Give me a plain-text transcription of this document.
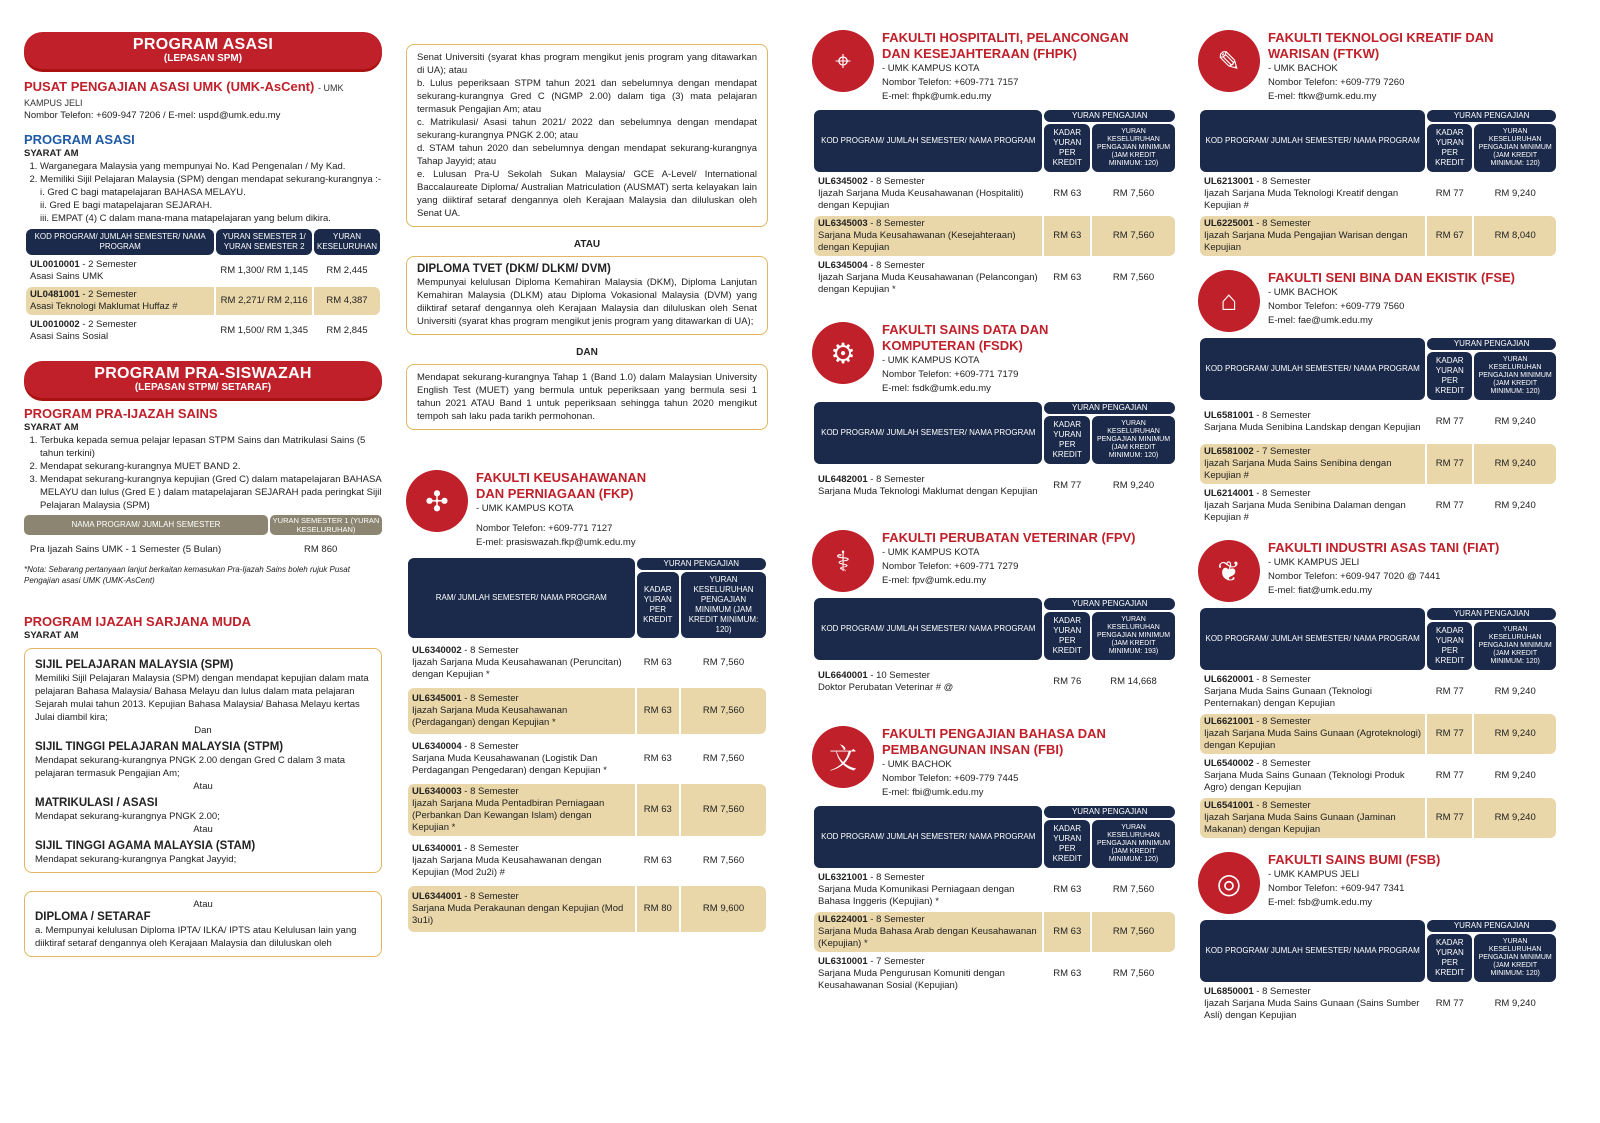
PROGRAM ASASI
(LEPASAN SPM)
PUSAT PENGAJIAN ASASI UMK (UMK-AsCent) - UMK KAMPUS JELI
Nombor Telefon: +609-947 7206 / E-mel: uspd@umk.edu.my
PROGRAM ASASI
SYARAT AM
1. Warganegara Malaysia yang mempunyai No. Kad Pengenalan / My Kad.
2. Memiliki Sijil Pelajaran Malaysia (SPM) dengan mendapat sekurang-kurangnya :-
i. Gred C bagi matapelajaran BAHASA MELAYU.
ii. Gred E bagi matapelajaran SEJARAH.
iii. EMPAT (4) C dalam mana-mana matapelajaran yang belum dikira.
KOD PROGRAM/ JUMLAH SEMESTER/ NAMA PROGRAM	YURAN SEMESTER 1/ YURAN SEMESTER 2	YURAN KESELURUHAN
UL0010001 - 2 Semester
Asasi Sains UMK	RM 1,300/ RM 1,145	RM 2,445
UL0481001 - 2 Semester
Asasi Teknologi Maklumat Huffaz #	RM 2,271/ RM 2,116	RM 4,387
UL0010002 - 2 Semester
Asasi Sains Sosial	RM 1,500/ RM 1,345	RM 2,845
PROGRAM PRA-SISWAZAH
(LEPASAN STPM/ SETARAF)
PROGRAM PRA-IJAZAH SAINS
SYARAT AM
1. Terbuka kepada semua pelajar lepasan STPM Sains dan Matrikulasi Sains (5 tahun terkini)
2. Mendapat sekurang-kurangnya MUET BAND 2.
3. Mendapat sekurang-kurangnya kepujian (Gred C) dalam matapelajaran BAHASA MELAYU dan lulus (Gred E ) dalam matapelajaran SEJARAH pada peringkat Sijil Pelajaran Malaysia (SPM)
NAMA PROGRAM/ JUMLAH SEMESTER	YURAN SEMESTER 1 (YURAN KESELURUHAN)
Pra Ijazah Sains UMK - 1 Semester (5 Bulan)	RM 860
*Nota: Sebarang pertanyaan lanjut berkaitan kemasukan Pra-Ijazah Sains boleh rujuk Pusat Pengajian asasi UMK (UMK-AsCent)
PROGRAM IJAZAH SARJANA MUDA
SYARAT AM
SIJIL PELAJARAN MALAYSIA (SPM)
Memiliki Sijil Pelajaran Malaysia (SPM) dengan mendapat kepujian dalam mata pelajaran Bahasa Malaysia/ Bahasa Melayu dan lulus dalam mata pelajaran Sejarah mulai tahun 2013. Kepujian Bahasa Malaysia/ Bahasa Melayu kertas Julai diambil kira;
Dan
SIJIL TINGGI PELAJARAN MALAYSIA (STPM)
Mendapat sekurang-kurangnya PNGK 2.00 dengan Gred C dalam 3 mata pelajaran termasuk Pengajian Am;
Atau
MATRIKULASI / ASASI
Mendapat sekurang-kurangnya PNGK 2.00;
Atau
SIJIL TINGGI AGAMA MALAYSIA (STAM)
Mendapat sekurang-kurangnya Pangkat Jayyid;
Atau
DIPLOMA / SETARAF
a. Mempunyai kelulusan Diploma IPTA/ ILKA/ IPTS atau Kelulusan lain yang diiktiraf setaraf dengannya oleh Kerajaan Malaysia dan diluluskan oleh
Senat Universiti (syarat khas program mengikut jenis program yang ditawarkan di UA); atau
b. Lulus peperiksaan STPM tahun 2021 dan sebelumnya dengan mendapat sekurang-kurangnya Gred C (NGMP 2.00) dalam tiga (3) mata pelajaran termasuk Pengajian Am; atau
c. Matrikulasi/ Asasi tahun 2021/ 2022 dan sebelumnya dengan mendapat sekurang-kurangnya PNGK 2.00; atau
d. STAM tahun 2020 dan sebelumnya dengan mendapat sekurang-kurangnya Tahap Jayyid; atau
e. Lulusan Pra-U Sekolah Sukan Malaysia/ GCE A-Level/ International Baccalaureate Diploma/ Australian Matriculation (AUSMAT) serta kelayakan lain yang diiktiraf setaraf dengannya oleh Kerajaan Malaysia dan diluluskan oleh Senat UA.
ATAU
DIPLOMA TVET (DKM/ DLKM/ DVM)
Mempunyai kelulusan Diploma Kemahiran Malaysia (DKM), Diploma Lanjutan Kemahiran Malaysia (DLKM) atau Diploma Vokasional Malaysia (DVM) yang diiktiraf setaraf dengannya oleh Kerajaan Malaysia dan diluluskan oleh Senat Universiti (syarat khas program mengikut jenis program yang ditawarkan di UA);
DAN
Mendapat sekurang-kurangnya Tahap 1 (Band 1.0) dalam Malaysian University English Test (MUET) yang bermula untuk peperiksaan yang bermula sesi 1 tahun 2021 ATAU Band 1 untuk peperiksaan sehingga tahun 2020 mengikut tempoh sah laku pada tarikh permohonan.
✣
FAKULTI KEUSAHAWANAN DAN PERNIAGAAN (FKP)
- UMK KAMPUS KOTA
Nombor Telefon: +609-771 7127
E-mel: prasiswazah.fkp@umk.edu.my
RAM/ JUMLAH SEMESTER/ NAMA PROGRAM	YURAN PENGAJIAN	
	KADAR YURAN PER KREDIT	YURAN KESELURUHAN PENGAJIAN MINIMUM (JAM KREDIT MINIMUM: 120)
UL6340002 - 8 Semester
Ijazah Sarjana Muda Keusahawanan (Peruncitan) dengan Kepujian *	RM 63	RM 7,560
UL6345001 - 8 Semester
Ijazah Sarjana Muda Keusahawanan (Perdagangan) dengan Kepujian *	RM 63	RM 7,560
UL6340004 - 8 Semester
Sarjana Muda Keusahawanan (Logistik Dan Perdagangan Pengedaran) dengan Kepujian *	RM 63	RM 7,560
UL6340003 - 8 Semester
Ijazah Sarjana Muda Pentadbiran Perniagaan (Perbankan Dan Kewangan Islam) dengan Kepujian *	RM 63	RM 7,560
UL6340001 - 8 Semester
Ijazah Sarjana Muda Keusahawanan dengan Kepujian (Mod 2u2i) #	RM 63	RM 7,560
UL6344001 - 8 Semester
Sarjana Muda Perakaunan dengan Kepujian (Mod 3u1i)	RM 80	RM 9,600
⌖
FAKULTI HOSPITALITI, PELANCONGAN DAN KESEJAHTERAAN (FHPK)
- UMK KAMPUS KOTA
Nombor Telefon: +609-771 7157
E-mel: fhpk@umk.edu.my
KOD PROGRAM/ JUMLAH SEMESTER/ NAMA PROGRAM	YURAN PENGAJIAN	
	KADAR YURAN PER KREDIT	YURAN KESELURUHAN PENGAJIAN MINIMUM (JAM KREDIT MINIMUM: 120)
UL6345002 - 8 Semester
Ijazah Sarjana Muda Keusahawanan (Hospitaliti) dengan Kepujian	RM 63	RM 7,560
UL6345003 - 8 Semester
Sarjana Muda Keusahawanan (Kesejahteraan) dengan Kepujian	RM 63	RM 7,560
UL6345004 - 8 Semester
Ijazah Sarjana Muda Keusahawanan (Pelancongan) dengan Kepujian *	RM 63	RM 7,560
⚙
FAKULTI SAINS DATA DAN KOMPUTERAN (FSDK)
- UMK KAMPUS KOTA
Nombor Telefon: +609-771 7179
E-mel: fsdk@umk.edu.my
KOD PROGRAM/ JUMLAH SEMESTER/ NAMA PROGRAM	YURAN PENGAJIAN	
	KADAR YURAN PER KREDIT	YURAN KESELURUHAN PENGAJIAN MINIMUM (JAM KREDIT MINIMUM: 120)
UL6482001 - 8 Semester
Sarjana Muda Teknologi Maklumat dengan Kepujian	RM 77	RM 9,240
⚕
FAKULTI PERUBATAN VETERINAR (FPV)
- UMK KAMPUS KOTA
Nombor Telefon: +609-771 7279
E-mel: fpv@umk.edu.my
KOD PROGRAM/ JUMLAH SEMESTER/ NAMA PROGRAM	YURAN PENGAJIAN	
	KADAR YURAN PER KREDIT	YURAN KESELURUHAN PENGAJIAN MINIMUM (JAM KREDIT MINIMUM: 193)
UL6640001 - 10 Semester
Doktor Perubatan Veterinar # @	RM 76	RM 14,668
文
FAKULTI PENGAJIAN BAHASA DAN PEMBANGUNAN INSAN (FBI)
- UMK BACHOK
Nombor Telefon: +609-779 7445
E-mel: fbi@umk.edu.my
KOD PROGRAM/ JUMLAH SEMESTER/ NAMA PROGRAM	YURAN PENGAJIAN	
	KADAR YURAN PER KREDIT	YURAN KESELURUHAN PENGAJIAN MINIMUM (JAM KREDIT MINIMUM: 120)
UL6321001 - 8 Semester
Sarjana Muda Komunikasi Perniagaan dengan Bahasa Inggeris (Kepujian) *	RM 63	RM 7,560
UL6224001 - 8 Semester
Sarjana Muda Bahasa Arab dengan Keusahawanan (Kepujian) *	RM 63	RM 7,560
UL6310001 - 7 Semester
Sarjana Muda Pengurusan Komuniti dengan Keusahawanan Sosial (Kepujian)	RM 63	RM 7,560
✎
FAKULTI TEKNOLOGI KREATIF DAN WARISAN (FTKW)
- UMK BACHOK
Nombor Telefon: +609-779 7260
E-mel: ftkw@umk.edu.my
KOD PROGRAM/ JUMLAH SEMESTER/ NAMA PROGRAM	YURAN PENGAJIAN	
	KADAR YURAN PER KREDIT	YURAN KESELURUHAN PENGAJIAN MINIMUM (JAM KREDIT MINIMUM: 120)
UL6213001 - 8 Semester
Ijazah Sarjana Muda Teknologi Kreatif dengan Kepujian #	RM 77	RM 9,240
UL6225001 - 8 Semester
Ijazah Sarjana Muda Pengajian Warisan dengan Kepujian	RM 67	RM 8,040
⌂
FAKULTI SENI BINA DAN EKISTIK (FSE)
- UMK BACHOK
Nombor Telefon: +609-779 7560
E-mel: fae@umk.edu.my
KOD PROGRAM/ JUMLAH SEMESTER/ NAMA PROGRAM	YURAN PENGAJIAN	
	KADAR YURAN PER KREDIT	YURAN KESELURUHAN PENGAJIAN MINIMUM (JAM KREDIT MINIMUM: 120)
UL6581001 - 8 Semester
Sarjana Muda Senibina Landskap dengan Kepujian	RM 77	RM 9,240
UL6581002 - 7 Semester
Ijazah Sarjana Muda Sains Senibina dengan Kepujian #	RM 77	RM 9,240
UL6214001 - 8 Semester
Ijazah Sarjana Muda Senibina Dalaman dengan Kepujian #	RM 77	RM 9,240
❦
FAKULTI INDUSTRI ASAS TANI (FIAT)
- UMK KAMPUS JELI
Nombor Telefon: +609-947 7020 @ 7441
E-mel: fiat@umk.edu.my
KOD PROGRAM/ JUMLAH SEMESTER/ NAMA PROGRAM	YURAN PENGAJIAN	
	KADAR YURAN PER KREDIT	YURAN KESELURUHAN PENGAJIAN MINIMUM (JAM KREDIT MINIMUM: 120)
UL6620001 - 8 Semester
Sarjana Muda Sains Gunaan (Teknologi Penternakan) dengan Kepujian	RM 77	RM 9,240
UL6621001 - 8 Semester
Ijazah Sarjana Muda Sains Gunaan (Agroteknologi) dengan Kepujian	RM 77	RM 9,240
UL6540002 - 8 Semester
Sarjana Muda Sains Gunaan (Teknologi Produk Agro) dengan Kepujian	RM 77	RM 9,240
UL6541001 - 8 Semester
Ijazah Sarjana Muda Sains Gunaan (Jaminan Makanan) dengan Kepujian	RM 77	RM 9,240
◎
FAKULTI SAINS BUMI (FSB)
- UMK KAMPUS JELI
Nombor Telefon: +609-947 7341
E-mel: fsb@umk.edu.my
KOD PROGRAM/ JUMLAH SEMESTER/ NAMA PROGRAM	YURAN PENGAJIAN	
	KADAR YURAN PER KREDIT	YURAN KESELURUHAN PENGAJIAN MINIMUM (JAM KREDIT MINIMUM: 120)
UL6850001 - 8 Semester
Ijazah Sarjana Muda Sains Gunaan (Sains Sumber Asli) dengan Kepujian	RM 77	RM 9,240
